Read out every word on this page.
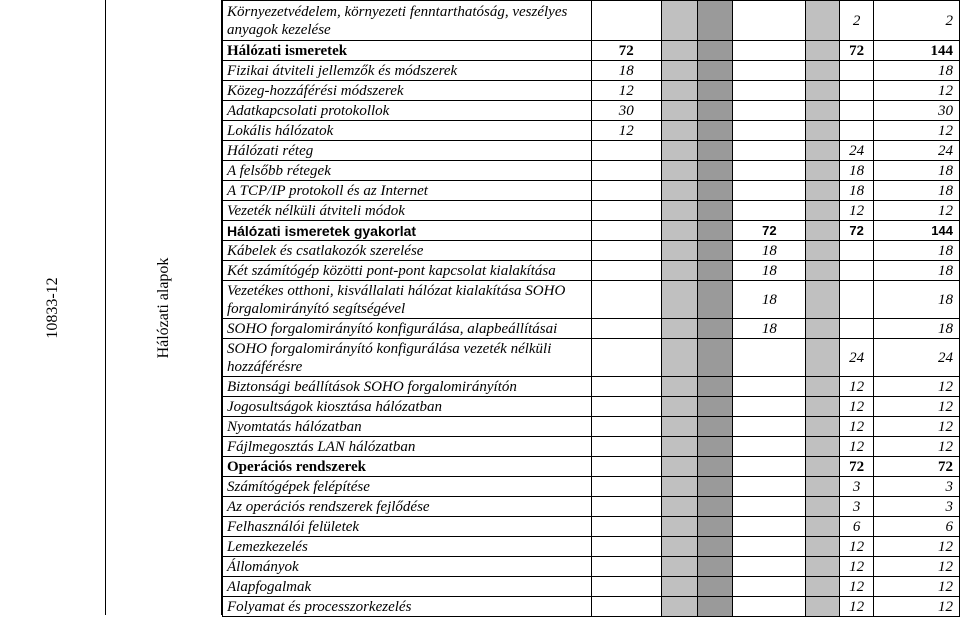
10833-12	Hálózati alapok
Környezetvédelem, környezeti fenntarthatóság, veszélyes anyagok kezelése						2	2
Hálózati ismeretek	72					72	144
Fizikai átviteli jellemzők és módszerek	18						18
Közeg-hozzáférési módszerek	12						12
Adatkapcsolati protokollok	30						30
Lokális hálózatok	12						12
Hálózati réteg						24	24
A felsőbb rétegek						18	18
A TCP/IP protokoll és az Internet						18	18
Vezeték nélküli átviteli módok						12	12
Hálózati ismeretek gyakorlat				72		72	144
Kábelek és csatlakozók szerelése				18			18
Két számítógép közötti pont-pont kapcsolat kialakítása				18			18
Vezetékes otthoni, kisvállalati hálózat kialakítása SOHO forgalomirányító segítségével				18			18
SOHO forgalomirányító konfigurálása, alapbeállításai				18			18
SOHO forgalomirányító konfigurálása vezeték nélküli hozzáférésre						24	24
Biztonsági beállítások SOHO forgalomirányítón						12	12
Jogosultságok kiosztása hálózatban						12	12
Nyomtatás hálózatban						12	12
Fájlmegosztás LAN hálózatban						12	12
Operációs rendszerek						72	72
Számítógépek felépítése						3	3
Az operációs rendszerek fejlődése						3	3
Felhasználói felületek						6	6
Lemezkezelés						12	12
Állományok						12	12
Alapfogalmak						12	12
Folyamat és processzorkezelés						12	12
